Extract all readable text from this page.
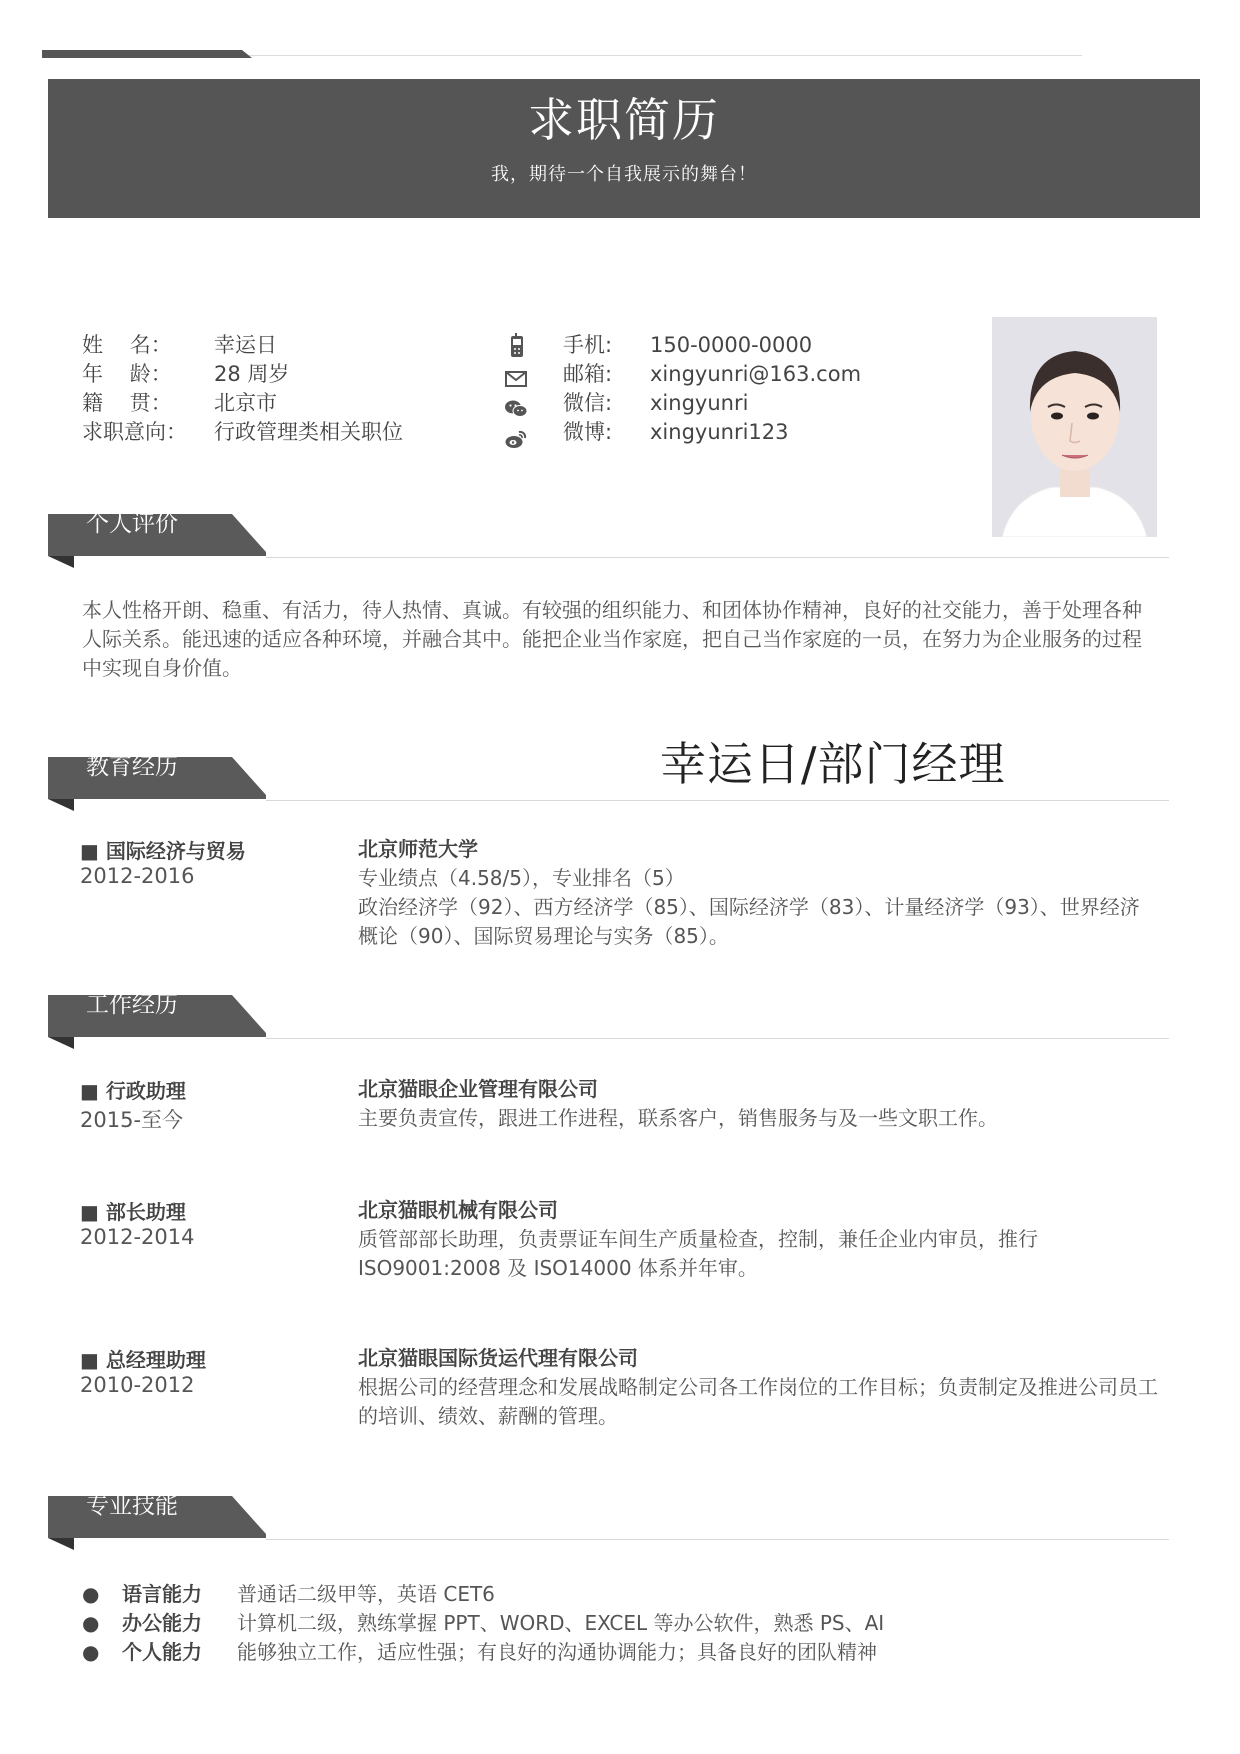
求职简历
我，期待一个自我展示的舞台！
姓    名：	幸运日
年    龄：	28 周岁
籍    贯：	北京市
求职意向：	行政管理类相关职位
手机:	150-0000-0000
邮箱:	xingyunri@163.com
微信:	xingyunri
微博:	xingyunri123
个人评价
本人性格开朗、稳重、有活力，待人热情、真诚。有较强的组织能力、和团体协作精神，良好的社交能力，善于处理各种人际关系。能迅速的适应各种环境，并融合其中。能把企业当作家庭，把自己当作家庭的一员，在努力为企业服务的过程中实现自身价值。
幸运日/部门经理
教育经历
■ 国际经济与贸易
2012-2016
北京师范大学
专业绩点（4.58/5），专业排名（5）
政治经济学（92）、西方经济学（85）、国际经济学（83）、计量经济学（93）、世界经济概论（90）、国际贸易理论与实务（85）。
工作经历
■ 行政助理
2015-至今
北京猫眼企业管理有限公司
主要负责宣传，跟进工作进程，联系客户，销售服务与及一些文职工作。
■ 部长助理
2012-2014
北京猫眼机械有限公司
质管部部长助理，负责票证车间生产质量检查，控制，兼任企业内审员，推行 ISO9001:2008 及 ISO14000 体系并年审。
■ 总经理助理
2010-2012
北京猫眼国际货运代理有限公司
根据公司的经营理念和发展战略制定公司各工作岗位的工作目标；负责制定及推进公司员工的培训、绩效、薪酬的管理。
专业技能
●	语言能力	普通话二级甲等，英语 CET6
●	办公能力	计算机二级，熟练掌握 PPT、WORD、EXCEL 等办公软件，熟悉 PS、AI
●	个人能力	能够独立工作，适应性强；有良好的沟通协调能力；具备良好的团队精神
